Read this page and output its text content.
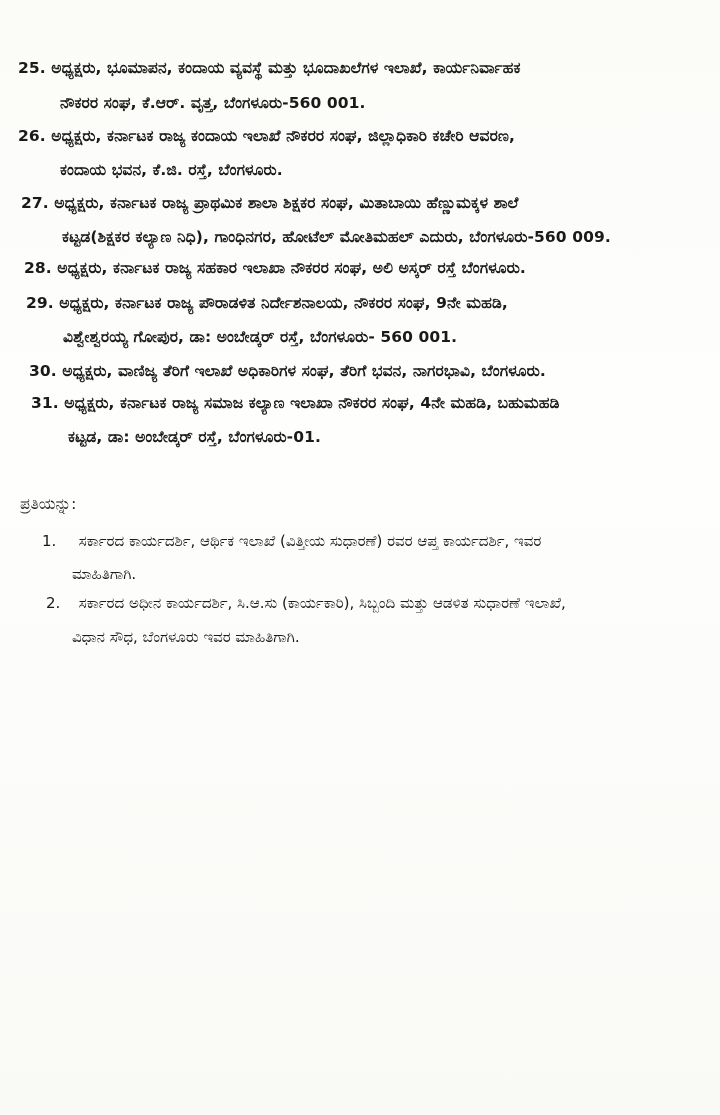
25. ಅಧ್ಯಕ್ಷರು, ಭೂಮಾಪನ, ಕಂದಾಯ ವ್ಯವಸ್ಥೆ ಮತ್ತು ಭೂದಾಖಲೆಗಳ ಇಲಾಖೆ, ಕಾರ್ಯನಿರ್ವಾಹಕ
ನೌಕರರ ಸಂಘ, ಕೆ.ಆರ್. ವೃತ್ತ, ಬೆಂಗಳೂರು-560 001.
26. ಅಧ್ಯಕ್ಷರು, ಕರ್ನಾಟಕ ರಾಜ್ಯ ಕಂದಾಯ ಇಲಾಖೆ ನೌಕರರ ಸಂಘ, ಜಿಲ್ಲಾಧಿಕಾರಿ ಕಚೇರಿ ಆವರಣ,
ಕಂದಾಯ ಭವನ, ಕೆ.ಜಿ. ರಸ್ತೆ, ಬೆಂಗಳೂರು.
27. ಅಧ್ಯಕ್ಷರು, ಕರ್ನಾಟಕ ರಾಜ್ಯ ಪ್ರಾಥಮಿಕ ಶಾಲಾ ಶಿಕ್ಷಕರ ಸಂಘ, ಮಿತಾಬಾಯಿ ಹೆಣ್ಣುಮಕ್ಕಳ ಶಾಲೆ
ಕಟ್ಟಡ(ಶಿಕ್ಷಕರ ಕಲ್ಯಾಣ ನಿಧಿ), ಗಾಂಧಿನಗರ, ಹೋಟೆಲ್ ಮೋತಿಮಹಲ್ ಎದುರು, ಬೆಂಗಳೂರು-560 009.
28. ಅಧ್ಯಕ್ಷರು, ಕರ್ನಾಟಕ ರಾಜ್ಯ ಸಹಕಾರ ಇಲಾಖಾ ನೌಕರರ ಸಂಘ, ಅಲಿ ಅಸ್ಕರ್ ರಸ್ತೆ ಬೆಂಗಳೂರು.
29. ಅಧ್ಯಕ್ಷರು, ಕರ್ನಾಟಕ ರಾಜ್ಯ ಪೌರಾಡಳಿತ ನಿರ್ದೇಶನಾಲಯ, ನೌಕರರ ಸಂಘ, 9ನೇ ಮಹಡಿ,
ವಿಶ್ವೇಶ್ವರಯ್ಯ ಗೋಪುರ, ಡಾ: ಅಂಬೇಡ್ಕರ್ ರಸ್ತೆ, ಬೆಂಗಳೂರು- 560 001.
30. ಅಧ್ಯಕ್ಷರು, ವಾಣಿಜ್ಯ ತೆರಿಗೆ ಇಲಾಖೆ ಅಧಿಕಾರಿಗಳ ಸಂಘ, ತೆರಿಗೆ ಭವನ, ನಾಗರಭಾವಿ, ಬೆಂಗಳೂರು.
31. ಅಧ್ಯಕ್ಷರು, ಕರ್ನಾಟಕ ರಾಜ್ಯ ಸಮಾಜ ಕಲ್ಯಾಣ ಇಲಾಖಾ ನೌಕರರ ಸಂಘ, 4ನೇ ಮಹಡಿ, ಬಹುಮಹಡಿ
ಕಟ್ಟಡ, ಡಾ: ಅಂಬೇಡ್ಕರ್ ರಸ್ತೆ, ಬೆಂಗಳೂರು-01.
ಪ್ರತಿಯನ್ನು:
1. ಸರ್ಕಾರದ ಕಾರ್ಯದರ್ಶಿ, ಆರ್ಥಿಕ ಇಲಾಖೆ (ವಿತ್ತೀಯ ಸುಧಾರಣೆ) ರವರ ಆಪ್ತ ಕಾರ್ಯದರ್ಶಿ, ಇವರ
ಮಾಹಿತಿಗಾಗಿ.
2. ಸರ್ಕಾರದ ಅಧೀನ ಕಾರ್ಯದರ್ಶಿ, ಸಿ.ಆ.ಸು (ಕಾರ್ಯಕಾರಿ), ಸಿಬ್ಬಂದಿ ಮತ್ತು ಆಡಳಿತ ಸುಧಾರಣೆ ಇಲಾಖೆ,
ವಿಧಾನ ಸೌಧ, ಬೆಂಗಳೂರು ಇವರ ಮಾಹಿತಿಗಾಗಿ.
